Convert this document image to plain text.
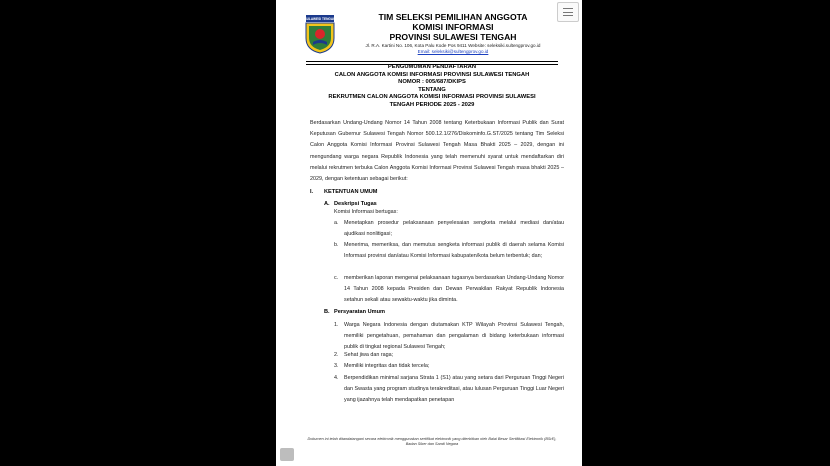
SULAWESI TENGAH	TIM SELEKSI PEMILIHAN ANGGOTA
KOMISI INFORMASI
PROVINSI SULAWESI TENGAH
Jl. R.A. Kartini No. 106, Kota Palu Kode Pos 9411 Website: seleksiki.sultengprov.go.id
Email: seleksiki@sultengprov.go.id
PENGUMUMAN PENDAFTARAN
CALON ANGGOTA KOMISI INFORMASI PROVINSI SULAWESI TENGAH
NOMOR : 005/687/DKIPS
TENTANG
REKRUTMEN CALON ANGGOTA KOMISI INFORMASI PROVINSI SULAWESI
TENGAH PERIODE 2025 - 2029
Berdasarkan Undang-Undang Nomor 14 Tahun 2008 tentang Keterbukaan Informasi Publik dan Surat Keputusan Gubernur Sulawesi Tengah Nomor 500.12.1/276/Diskominfo.G.ST/2025 tentang Tim Seleksi Calon Anggota Komisi Informasi Provinsi Sulawesi Tengah Masa Bhakti 2025 – 2029, dengan ini mengundang warga negara Republik Indonesia yang telah memenuhi syarat untuk mendaftarkan diri melalui rekrutmen terbuka Calon Anggota Komisi Informasi Provinsi Sulawesi Tengah masa bhakti 2025 – 2029, dengan ketentuan sebagai berikut:
I. KETENTUAN UMUM
A. Deskripsi Tugas
Komisi Informasi bertugas:
a. Menetapkan prosedur pelaksanaan penyelesaian sengketa melalui mediasi dan/atau ajudikasi nonlitigasi;
b. Menerima, memeriksa, dan memutus sengketa informasi publik di daerah selama Komisi Informasi provinsi dan/atau Komisi Informasi kabupaten/kota belum terbentuk; dan;
c. memberikan laporan mengenai pelaksanaan tugasnya berdasarkan Undang-Undang Nomor 14 Tahun 2008 kepada Presiden dan Dewan Perwakilan Rakyat Republik Indonesia setahun sekali atau sewaktu-waktu jika diminta.
B. Persyaratan Umum
1. Warga Negara Indonesia dengan diutamakan KTP Wilayah Provinsi Sulawesi Tengah, memiliki pengetahuan, pemahaman dan pengalaman di bidang keterbukaan informasi publik di tingkat regional Sulawesi Tengah;
2. Sehat jiwa dan raga;
3. Memiliki integritas dan tidak tercela;
4. Berpendidikan minimal sarjana Strata 1 (S1) atau yang setara dari Perguruan Tinggi Negeri dan Swasta yang program studinya terakreditasi, atau lulusan Perguruan Tinggi Luar Negeri yang ijazahnya telah mendapatkan penetapan
Dokumen ini telah ditandatangani secara elektronik menggunakan sertifikat elektronik yang diterbitkan oleh Balai Besar Sertifikasi Elektronik (BSrE), Badan Siber dan Sandi Negara
